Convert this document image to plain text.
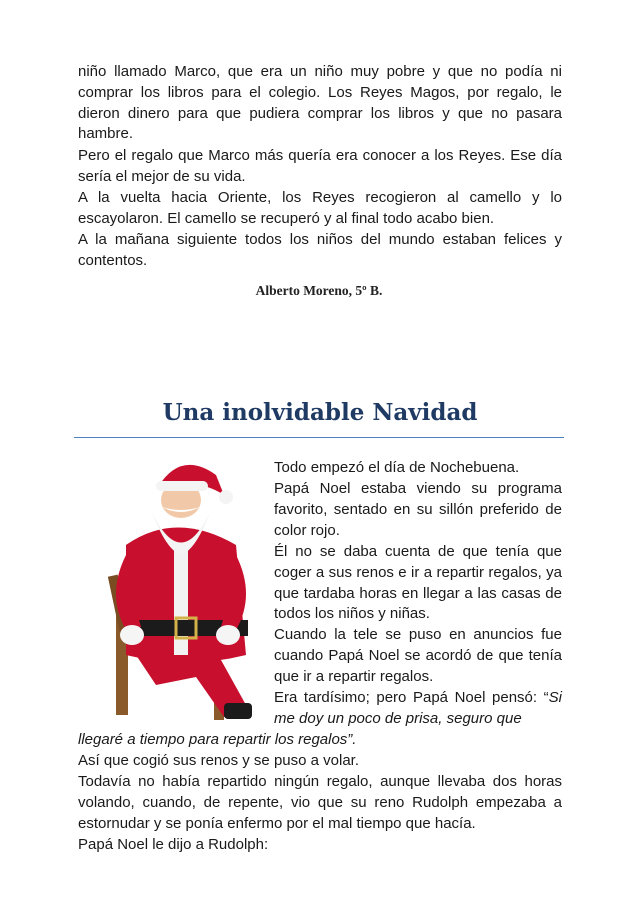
niño llamado Marco, que era un niño muy pobre y que no podía ni comprar los libros para el colegio. Los Reyes Magos, por regalo, le dieron dinero para que pudiera comprar los libros y que no pasara hambre.

Pero el regalo que Marco más quería era conocer a los Reyes. Ese día sería el mejor de su vida.

A la vuelta hacia Oriente, los Reyes recogieron al camello y lo escayolaron. El camello se recuperó y al final todo acabo bien.

A la mañana siguiente todos los niños del mundo estaban felices y contentos.

Alberto Moreno, 5º B.
Una inolvidable Navidad

Todo empezó el día de Nochebuena.

Papá Noel estaba viendo su programa favorito, sentado en su sillón preferido de color rojo.

Él no se daba cuenta de que tenía que coger a sus renos e ir a repartir regalos, ya que tardaba horas en llegar a las casas de todos los niños y niñas.

Cuando la tele se puso en anuncios fue cuando Papá Noel se acordó de que tenía que ir a repartir regalos.

Era tardísimo; pero Papá Noel pensó: “Si me doy un poco de prisa, seguro que

llegaré a tiempo para repartir los regalos”.

Así que cogió sus renos y se puso a volar.

Todavía no había repartido ningún regalo, aunque llevaba dos horas volando, cuando, de repente, vio que su reno Rudolph empezaba a estornudar y se ponía enfermo por el mal tiempo que hacía.

Papá Noel le dijo a Rudolph:
